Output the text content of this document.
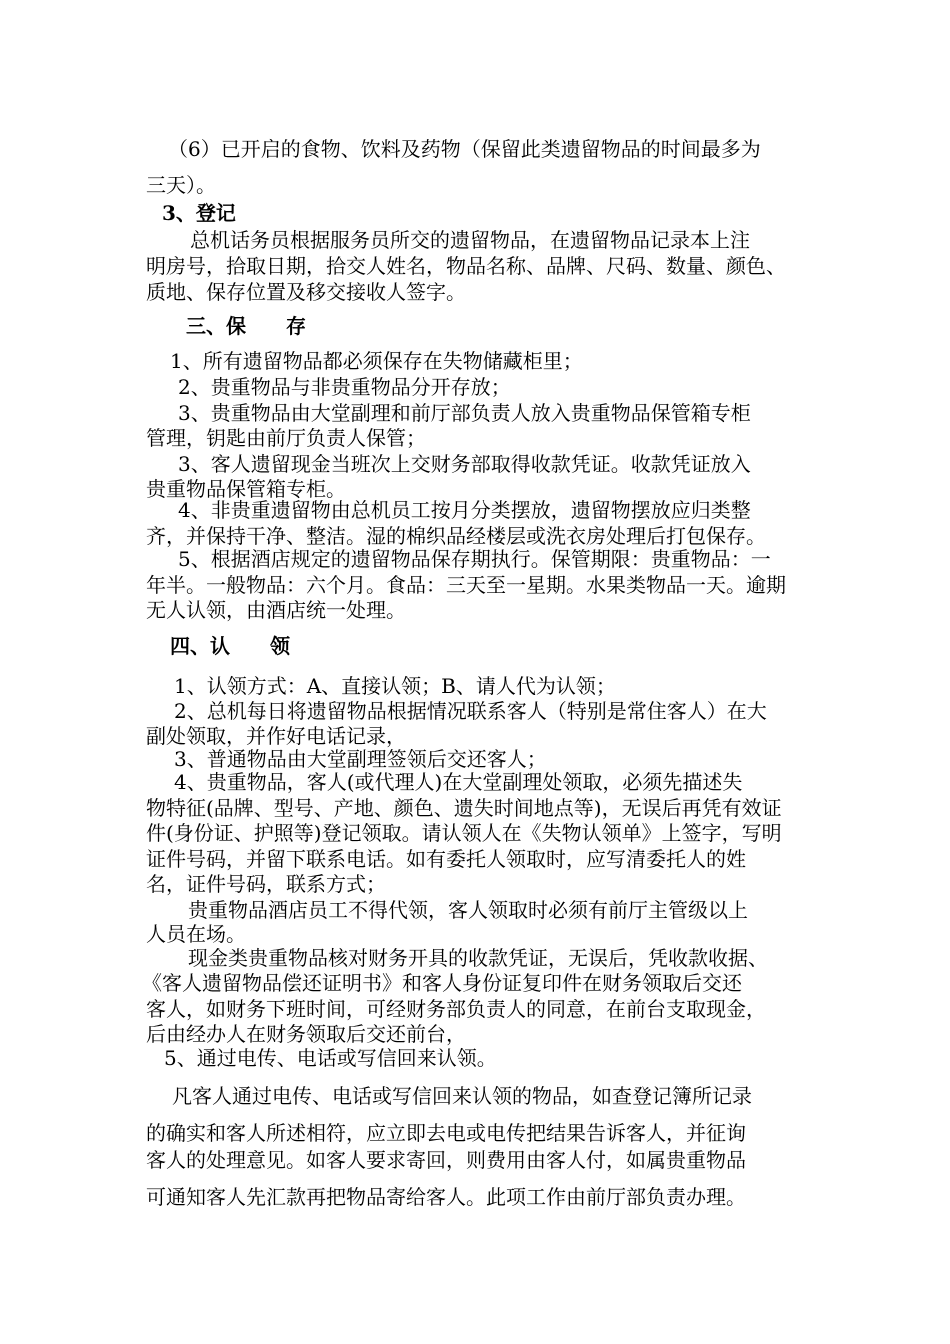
（6）已开启的食物、饮料及药物（保留此类遗留物品的时间最多为
三天）。
3、登记
总机话务员根据服务员所交的遗留物品，在遗留物品记录本上注
明房号，拾取日期，拾交人姓名，物品名称、品牌、尺码、数量、颜色、
质地、保存位置及移交接收人签字。
三、保　　存
1、所有遗留物品都必须保存在失物储藏柜里；
2、贵重物品与非贵重物品分开存放；
3、贵重物品由大堂副理和前厅部负责人放入贵重物品保管箱专柜
管理，钥匙由前厅负责人保管；
3、客人遗留现金当班次上交财务部取得收款凭证。收款凭证放入
贵重物品保管箱专柜。
4、非贵重遗留物由总机员工按月分类摆放，遗留物摆放应归类整
齐，并保持干净、整洁。湿的棉织品经楼层或洗衣房处理后打包保存。
5、根据酒店规定的遗留物品保存期执行。保管期限：贵重物品：一
年半。一般物品：六个月。食品：三天至一星期。水果类物品一天。逾期
无人认领，由酒店统一处理。
四、认　　领
1、认领方式：A、直接认领；B、请人代为认领；
2、总机每日将遗留物品根据情况联系客人（特别是常住客人）在大
副处领取，并作好电话记录，
3、普通物品由大堂副理签领后交还客人；
4、贵重物品，客人(或代理人)在大堂副理处领取，必须先描述失
物特征(品牌、型号、产地、颜色、遗失时间地点等)，无误后再凭有效证
件(身份证、护照等)登记领取。请认领人在《失物认领单》上签字，写明
证件号码，并留下联系电话。如有委托人领取时，应写清委托人的姓
名，证件号码，联系方式；
贵重物品酒店员工不得代领，客人领取时必须有前厅主管级以上
人员在场。
现金类贵重物品核对财务开具的收款凭证，无误后，凭收款收据、
《客人遗留物品偿还证明书》和客人身份证复印件在财务领取后交还
客人，如财务下班时间，可经财务部负责人的同意，在前台支取现金，
后由经办人在财务领取后交还前台，
5、通过电传、电话或写信回来认领。
凡客人通过电传、电话或写信回来认领的物品，如查登记簿所记录
的确实和客人所述相符，应立即去电或电传把结果告诉客人，并征询
客人的处理意见。如客人要求寄回，则费用由客人付，如属贵重物品
可通知客人先汇款再把物品寄给客人。此项工作由前厅部负责办理。
